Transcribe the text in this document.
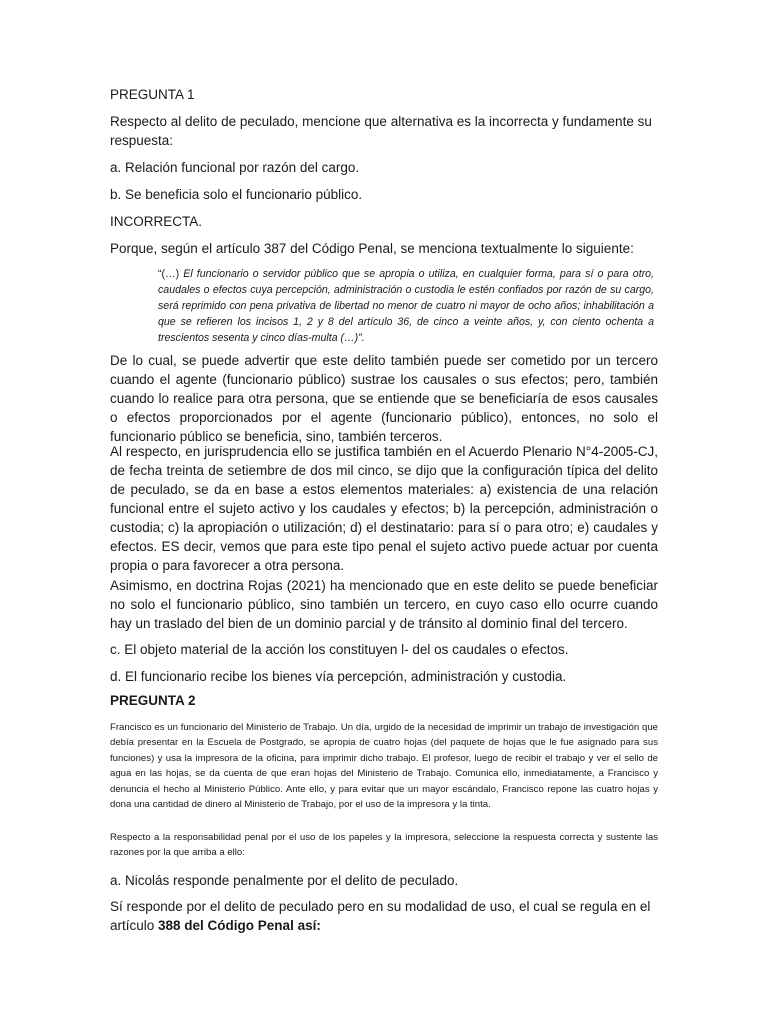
PREGUNTA 1

Respecto al delito de peculado, mencione que alternativa es la incorrecta y fundamente su respuesta:

a. Relación funcional por razón del cargo.

b. Se beneficia solo el funcionario público.

INCORRECTA.

Porque, según el artículo 387 del Código Penal, se menciona textualmente lo siguiente:

“(…) El funcionario o servidor público que se apropia o utiliza, en cualquier forma, para sí o para otro, caudales o efectos cuya percepción, administración o custodia le estén confiados por razón de su cargo, será reprimido con pena privativa de libertad no menor de cuatro ni mayor de ocho años; inhabilitación a que se refieren los incisos 1, 2 y 8 del artículo 36, de cinco a veinte años, y, con ciento ochenta a trescientos sesenta y cinco días-multa (…)”.

De lo cual, se puede advertir que este delito también puede ser cometido por un tercero cuando el agente (funcionario público) sustrae los causales o sus efectos; pero, también cuando lo realice para otra persona, que se entiende que se beneficiaría de esos causales o efectos proporcionados por el agente (funcionario público), entonces, no solo el funcionario público se beneficia, sino, también terceros.

Al respecto, en jurisprudencia ello se justifica también en el Acuerdo Plenario N°4-2005-CJ, de fecha treinta de setiembre de dos mil cinco, se dijo que la configuración típica del delito de peculado, se da en base a estos elementos materiales: a) existencia de una relación funcional entre el sujeto activo y los caudales y efectos; b) la percepción, administración o custodia; c) la apropiación o utilización; d) el destinatario: para sí o para otro; e) caudales y efectos. ES decir, vemos que para este tipo penal el sujeto activo puede actuar por cuenta propia o para favorecer a otra persona.

Asimismo, en doctrina Rojas (2021) ha mencionado que en este delito se puede beneficiar no solo el funcionario público, sino también un tercero, en cuyo caso ello ocurre cuando hay un traslado del bien de un dominio parcial y de tránsito al dominio final del tercero.

c. El objeto material de la acción los constituyen l- del os caudales o efectos.

d. El funcionario recibe los bienes vía percepción, administración y custodia.

PREGUNTA 2

Francisco es un funcionario del Ministerio de Trabajo. Un día, urgido de la necesidad de imprimir un trabajo de investigación que debía presentar en la Escuela de Postgrado, se apropia de cuatro hojas (del paquete de hojas que le fue asignado para sus funciones) y usa la impresora de la oficina, para imprimir dicho trabajo. El profesor, luego de recibir el trabajo y ver el sello de agua en las hojas, se da cuenta de que eran hojas del Ministerio de Trabajo. Comunica ello, inmediatamente, a Francisco y denuncia el hecho al Ministerio Público. Ante ello, y para evitar que un mayor escándalo, Francisco repone las cuatro hojas y dona una cantidad de dinero al Ministerio de Trabajo, por el uso de la impresora y la tinta.

Respecto a la responsabilidad penal por el uso de los papeles y la impresora, seleccione la respuesta correcta y sustente las razones por la que arriba a ello:

a. Nicolás responde penalmente por el delito de peculado.

Sí responde por el delito de peculado pero en su modalidad de uso, el cual se regula en el artículo 388 del Código Penal así:
